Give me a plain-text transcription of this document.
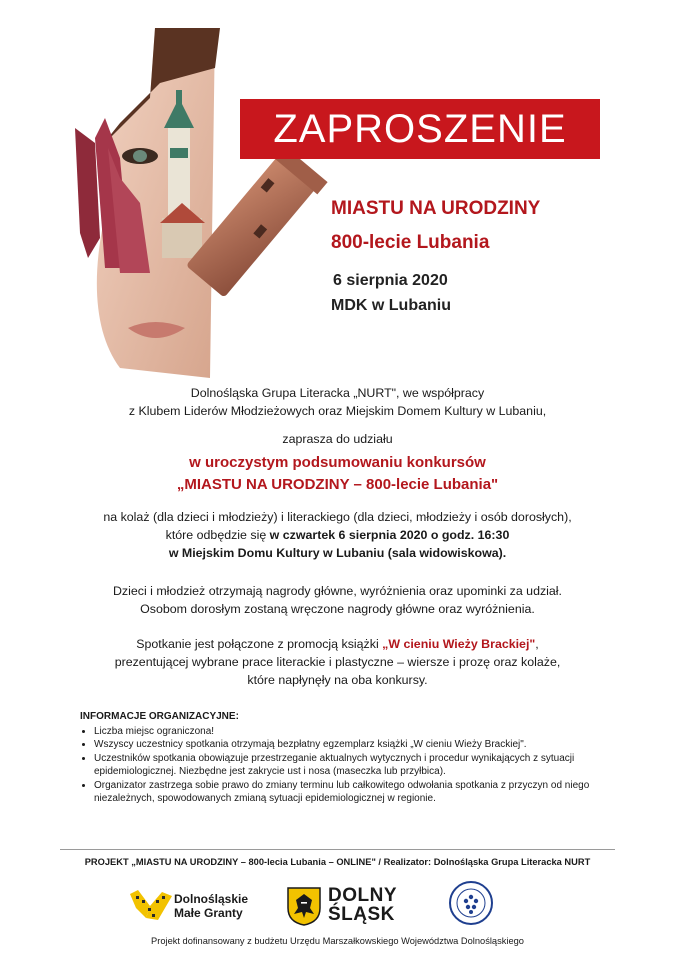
ZAPROSZENIE
MIASTU NA URODZINY
800-lecie Lubania
6 sierpnia 2020
MDK w Lubaniu
Dolnośląska Grupa Literacka „NURT", we współpracy
z Klubem Liderów Młodzieżowych oraz Miejskim Domem Kultury w Lubaniu,
zaprasza do udziału
w uroczystym podsumowaniu konkursów
„MIASTU NA URODZINY – 800-lecie Lubania"
na kolaż (dla dzieci i młodzieży) i literackiego (dla dzieci, młodzieży i osób dorosłych),
które odbędzie się w czwartek 6 sierpnia 2020 o godz. 16:30
w Miejskim Domu Kultury w Lubaniu (sala widowiskowa).
Dzieci i młodzież otrzymają nagrody główne, wyróżnienia oraz upominki za udział.
Osobom dorosłym zostaną wręczone nagrody główne oraz wyróżnienia.
Spotkanie jest połączone z promocją książki „W cieniu Wieży Brackiej",
prezentującej wybrane prace literackie i plastyczne – wiersze i prozę oraz kolaże,
które napłynęły na oba konkursy.
INFORMACJE ORGANIZACYJNE:
• Liczba miejsc ograniczona!
• Wszyscy uczestnicy spotkania otrzymają bezpłatny egzemplarz książki „W cieniu Wieży Brackiej".
• Uczestników spotkania obowiązuje przestrzeganie aktualnych wytycznych i procedur wynikających z sytuacji epidemiologicznej. Niezbędne jest zakrycie ust i nosa (maseczka lub przyłbica).
• Organizator zastrzega sobie prawo do zmiany terminu lub całkowitego odwołania spotkania z przyczyn od niego niezależnych, spowodowanych zmianą sytuacji epidemiologicznej w regionie.
PROJEKT „MIASTU NA URODZINY – 800-lecia Lubania – ONLINE" / Realizator: Dolnośląska Grupa Literacka NURT
Dolnośląskie
Małe Granty
DOLNY
ŚLĄSK
Projekt dofinansowany z budżetu Urzędu Marszałkowskiego Województwa Dolnośląskiego
